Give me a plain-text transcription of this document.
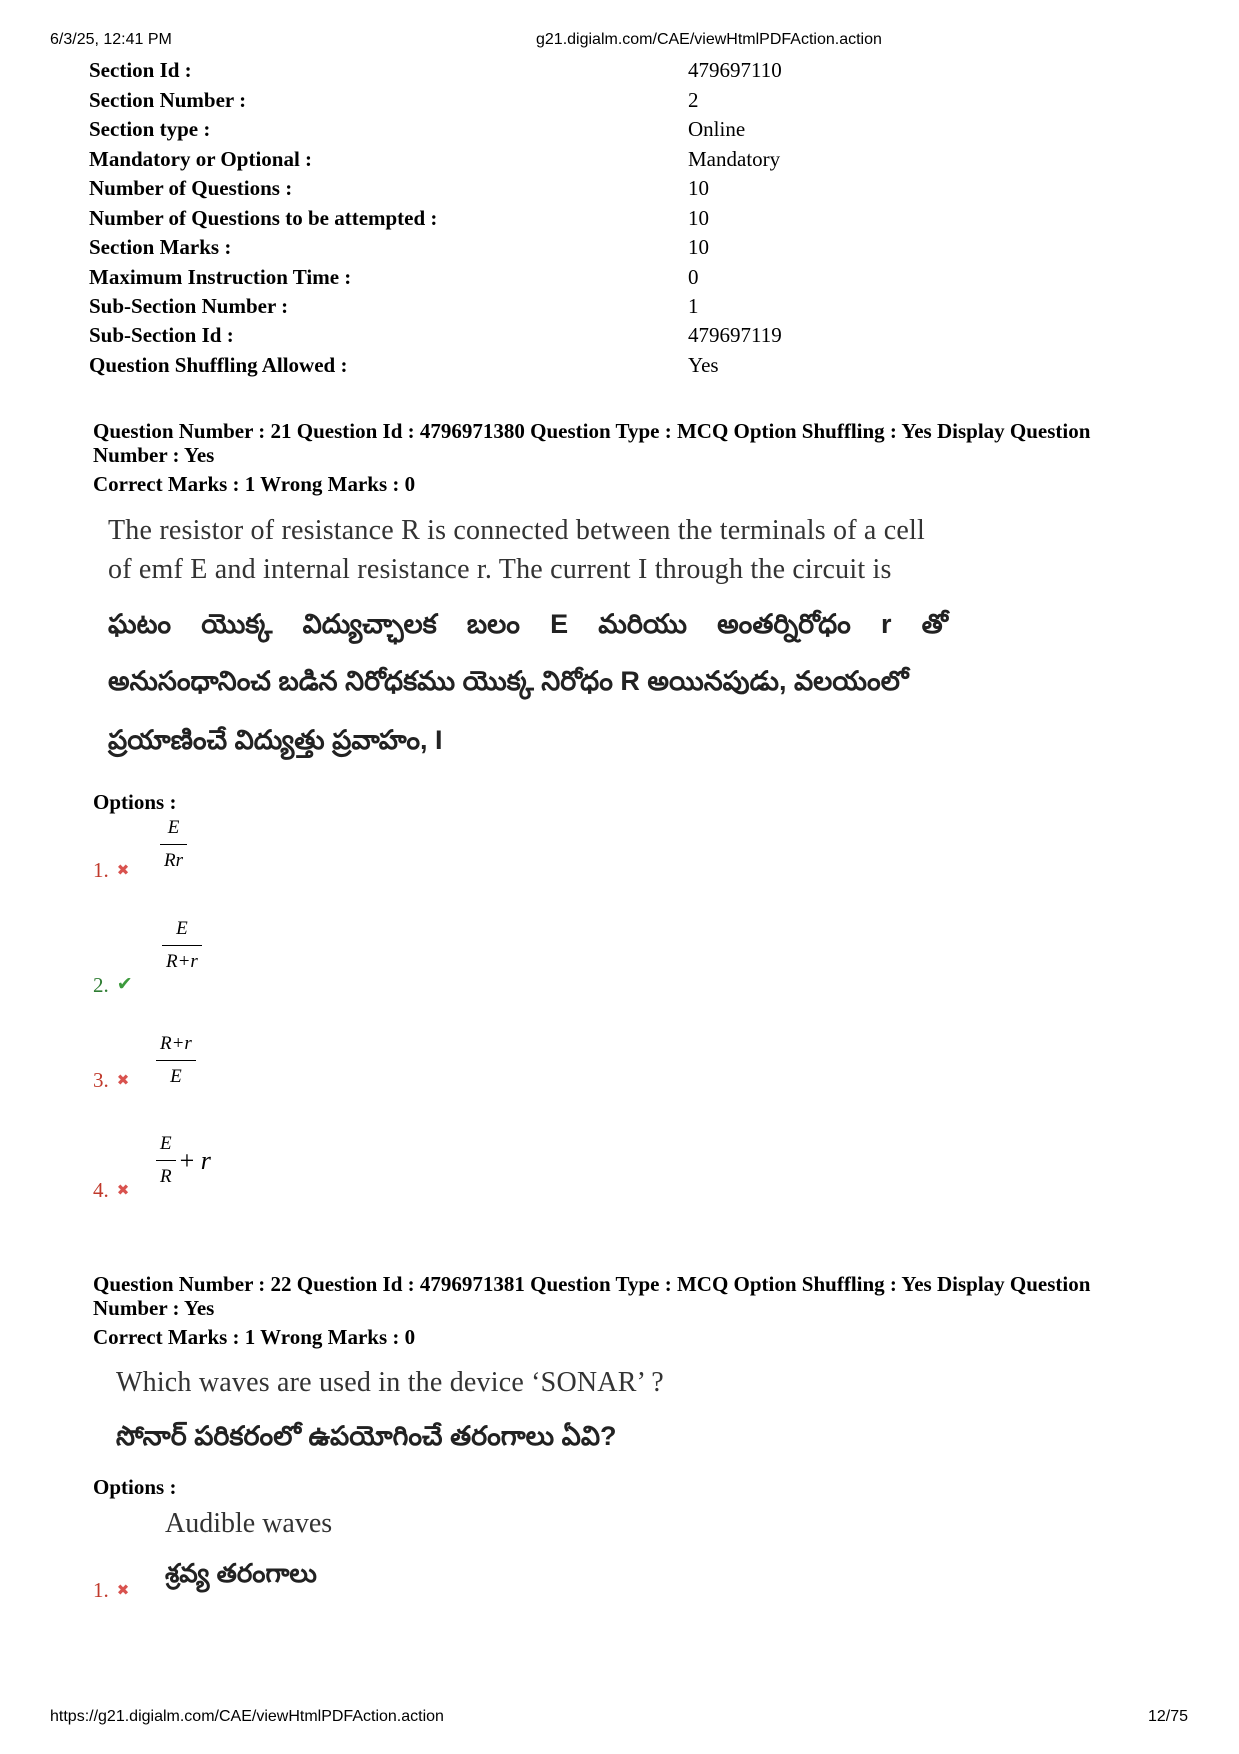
6/3/25, 12:41 PM	g21.digialm.com/CAE/viewHtmlPDFAction.action
Section Id :	479697110
Section Number :	2
Section type :	Online
Mandatory or Optional :	Mandatory
Number of Questions :	10
Number of Questions to be attempted :	10
Section Marks :	10
Maximum Instruction Time :	0
Sub-Section Number :	1
Sub-Section Id :	479697119
Question Shuffling Allowed :	Yes
Question Number : 21 Question Id : 4796971380 Question Type : MCQ Option Shuffling : Yes Display Question Number : Yes
Correct Marks : 1 Wrong Marks : 0
The resistor of resistance R is connected between the terminals of a cell
of emf E and internal resistance r. The current I through the circuit is
ఘటం యొక్క విద్యుచ్ఛాలక బలం E మరియు అంతర్నిరోధం r తో
అనుసంధానించ బడిన నిరోధకము యొక్క నిరోధం R అయినపుడు, వలయంలో
ప్రయాణించే విద్యుత్తు ప్రవాహం, I
Options :
1. ✖ $\frac{E}{Rr}$
2. ✔
$\frac{E}{R+r}$
3. ✖ $\frac{R+r}{E}$
4. ✖
$\frac{E}{R} + r$
Question Number : 22 Question Id : 4796971381 Question Type : MCQ Option Shuffling : Yes Display Question Number : Yes
Correct Marks : 1 Wrong Marks : 0
Which waves are used in the device ‘SONAR’ ?
సోనార్ పరికరంలో ఉపయోగించే తరంగాలు ఏవి?
Options :
Audible waves
శ్రవ్య తరంగాలు
1. ✖
https://g21.digialm.com/CAE/viewHtmlPDFAction.action	12/75
